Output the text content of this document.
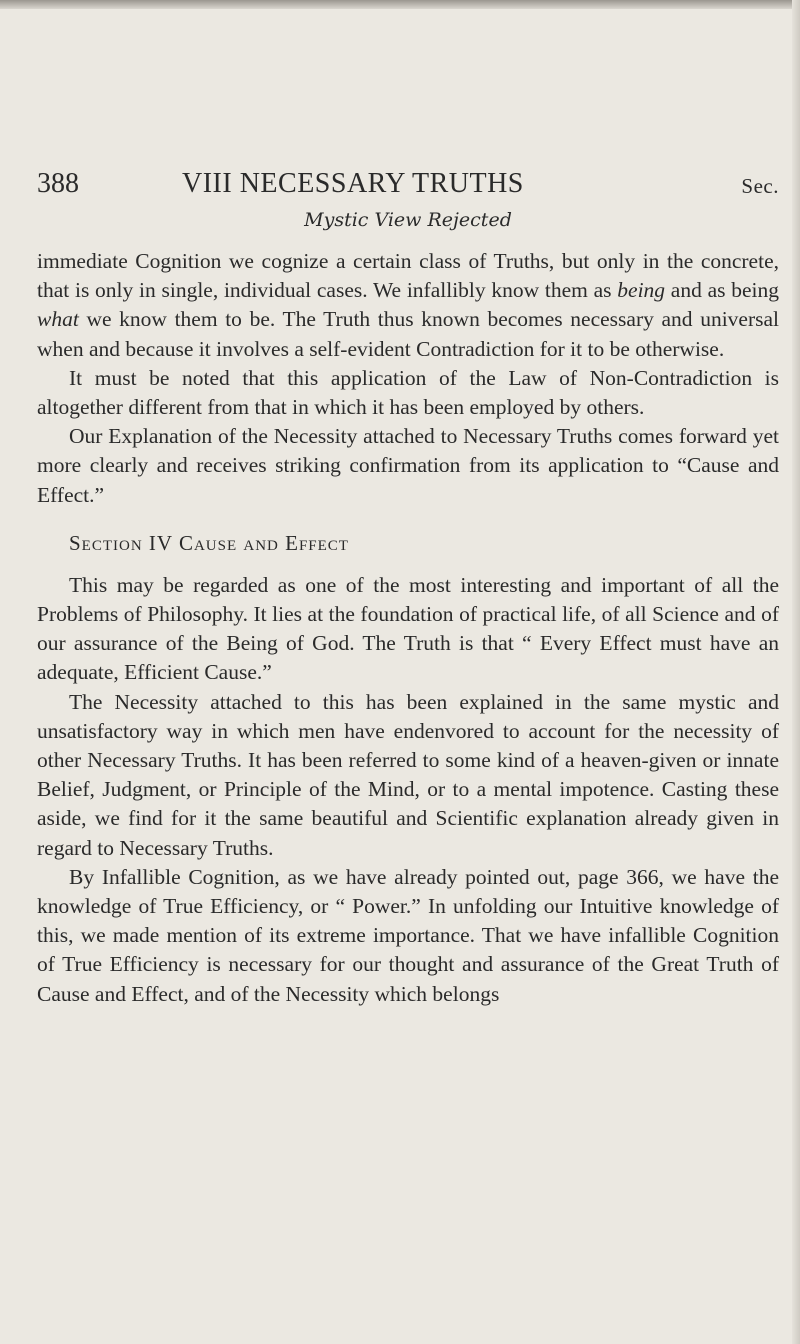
388	VIII NECESSARY TRUTHS	Sec.
Mystic View Rejected

immediate Cognition we cognize a certain class of Truths, but only in the concrete, that is only in single, individual cases. We infallibly know them as being and as being what we know them to be. The Truth thus known becomes necessary and universal when and because it involves a self-evident Contradiction for it to be otherwise.

It must be noted that this application of the Law of Non-Contradiction is altogether different from that in which it has been employed by others.

Our Explanation of the Necessity attached to Necessary Truths comes forward yet more clearly and receives striking confirmation from its application to “Cause and Effect.”

Section IV Cause and Effect

This may be regarded as one of the most interesting and important of all the Problems of Philosophy. It lies at the foundation of practical life, of all Science and of our assurance of the Being of God. The Truth is that “ Every Effect must have an adequate, Efficient Cause.”

The Necessity attached to this has been explained in the same mystic and unsatisfactory way in which men have endenvored to account for the necessity of other Necessary Truths. It has been referred to some kind of a heaven-given or innate Belief, Judgment, or Principle of the Mind, or to a mental impotence. Casting these aside, we find for it the same beautiful and Scientific explanation already given in regard to Necessary Truths.

By Infallible Cognition, as we have already pointed out, page 366, we have the knowledge of True Efficiency, or “ Power.” In unfolding our Intuitive knowledge of this, we made mention of its extreme importance. That we have infallible Cognition of True Efficiency is necessary for our thought and assurance of the Great Truth of Cause and Effect, and of the Necessity which belongs
